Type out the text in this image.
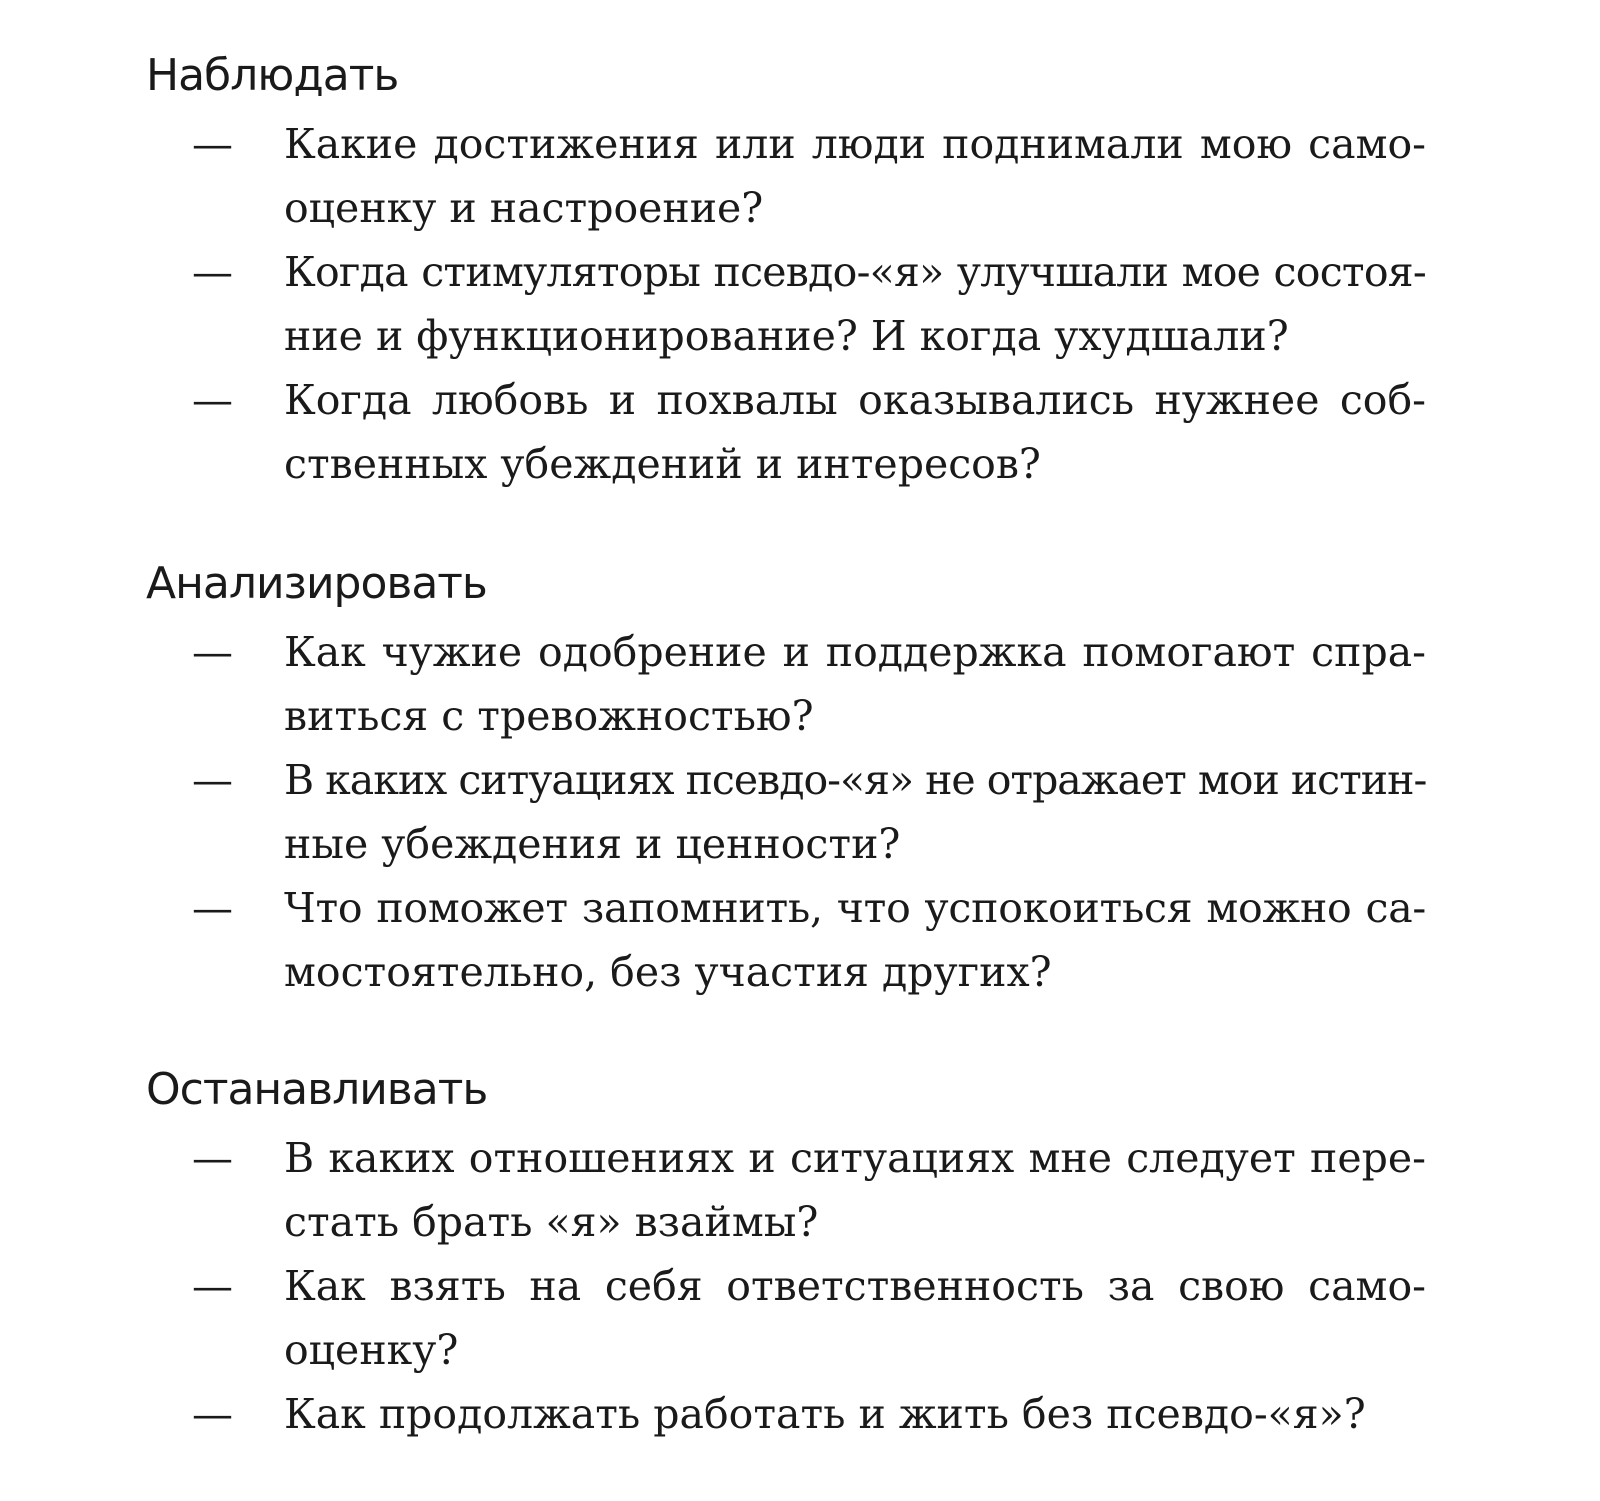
Наблюдать
— Какие достижения или люди поднимали мою само-
оценку и настроение?
— Когда стимуляторы псевдо-«я» улучшали мое состоя-
ние и функционирование? И когда ухудшали?
— Когда любовь и похвалы оказывались нужнее соб-
ственных убеждений и интересов?
Анализировать
— Как чужие одобрение и поддержка помогают спра-
виться с тревожностью?
— В каких ситуациях псевдо-«я» не отражает мои истин-
ные убеждения и ценности?
— Что поможет запомнить, что успокоиться можно са-
мостоятельно, без участия других?
Останавливать
— В каких отношениях и ситуациях мне следует пере-
стать брать «я» взаймы?
— Как взять на себя ответственность за свою само-
оценку?
— Как продолжать работать и жить без псевдо-«я»?
